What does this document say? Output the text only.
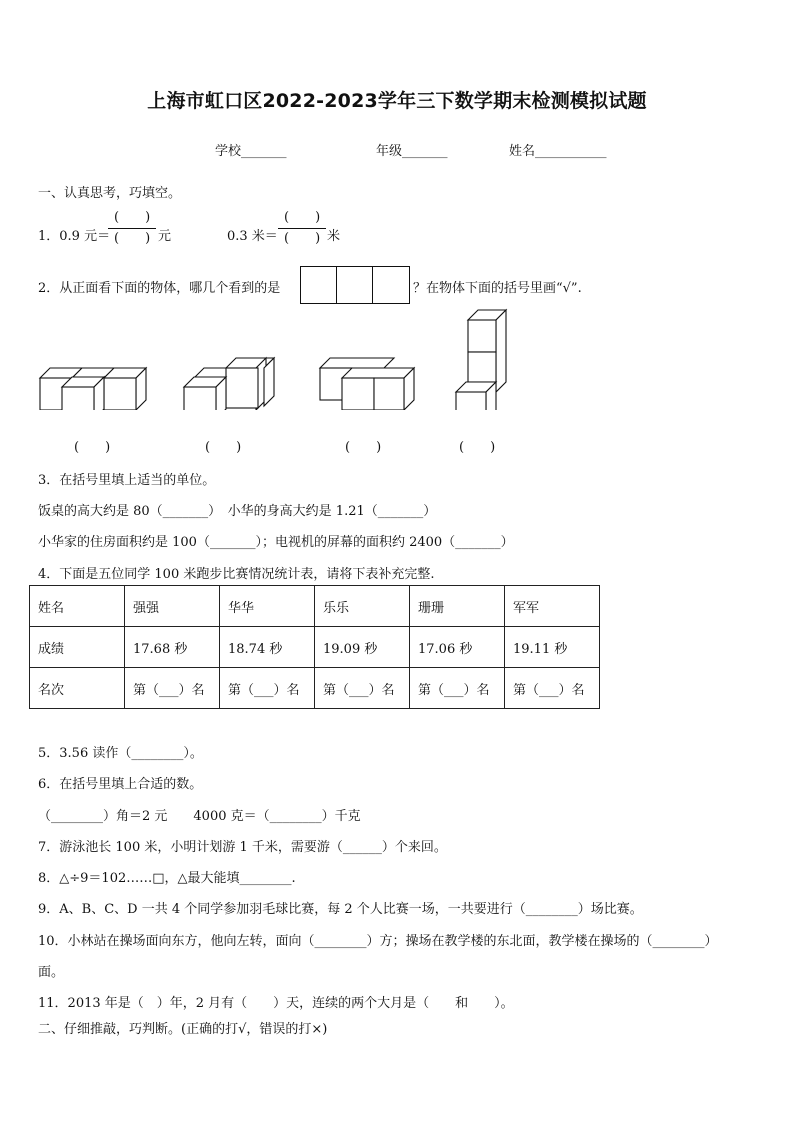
上海市虹口区2022-2023学年三下数学期末检测模拟试题
学校_______	年级_______	姓名___________
一、认真思考，巧填空。
1．0.9 元＝
(　　)
(　　) 元	0.3 米＝
(　　)
(　　) 米
2．从正面看下面的物体，哪几个看到的是	？在物体下面的括号里画“√”.
(　　)	(　　)	(　　)	(　　)
3．在括号里填上适当的单位。
饭桌的高大约是 80（_______）　小华的身高大约是 1.21（_______）
小华家的住房面积约是 100（_______）；电视机的屏幕的面积约 2400（_______）
4．下面是五位同学 100 米跑步比赛情况统计表，请将下表补充完整.
姓名	强强	华华	乐乐	珊珊	军军
成绩	17.68 秒	18.74 秒	19.09 秒	17.06 秒	19.11 秒
名次	第（___）名	第（___）名	第（___）名	第（___）名	第（___）名
5．3.56 读作（________）。
6．在括号里填上合适的数。
（________）角＝2 元　　4000 克＝（________）千克
7．游泳池长 100 米，小明计划游 1 千米，需要游（______）个来回。
8．△÷9＝102……□，△最大能填________.
9．A、B、C、D 一共 4 个同学参加羽毛球比赛，每 2 个人比赛一场，一共要进行（________）场比赛。
10．小林站在操场面向东方，他向左转，面向（________）方；操场在教学楼的东北面，教学楼在操场的（________）
面。
11．2013 年是（　）年，2 月有（　　）天，连续的两个大月是（　　和　　）。
二、仔细推敲，巧判断。(正确的打√，错误的打×)
